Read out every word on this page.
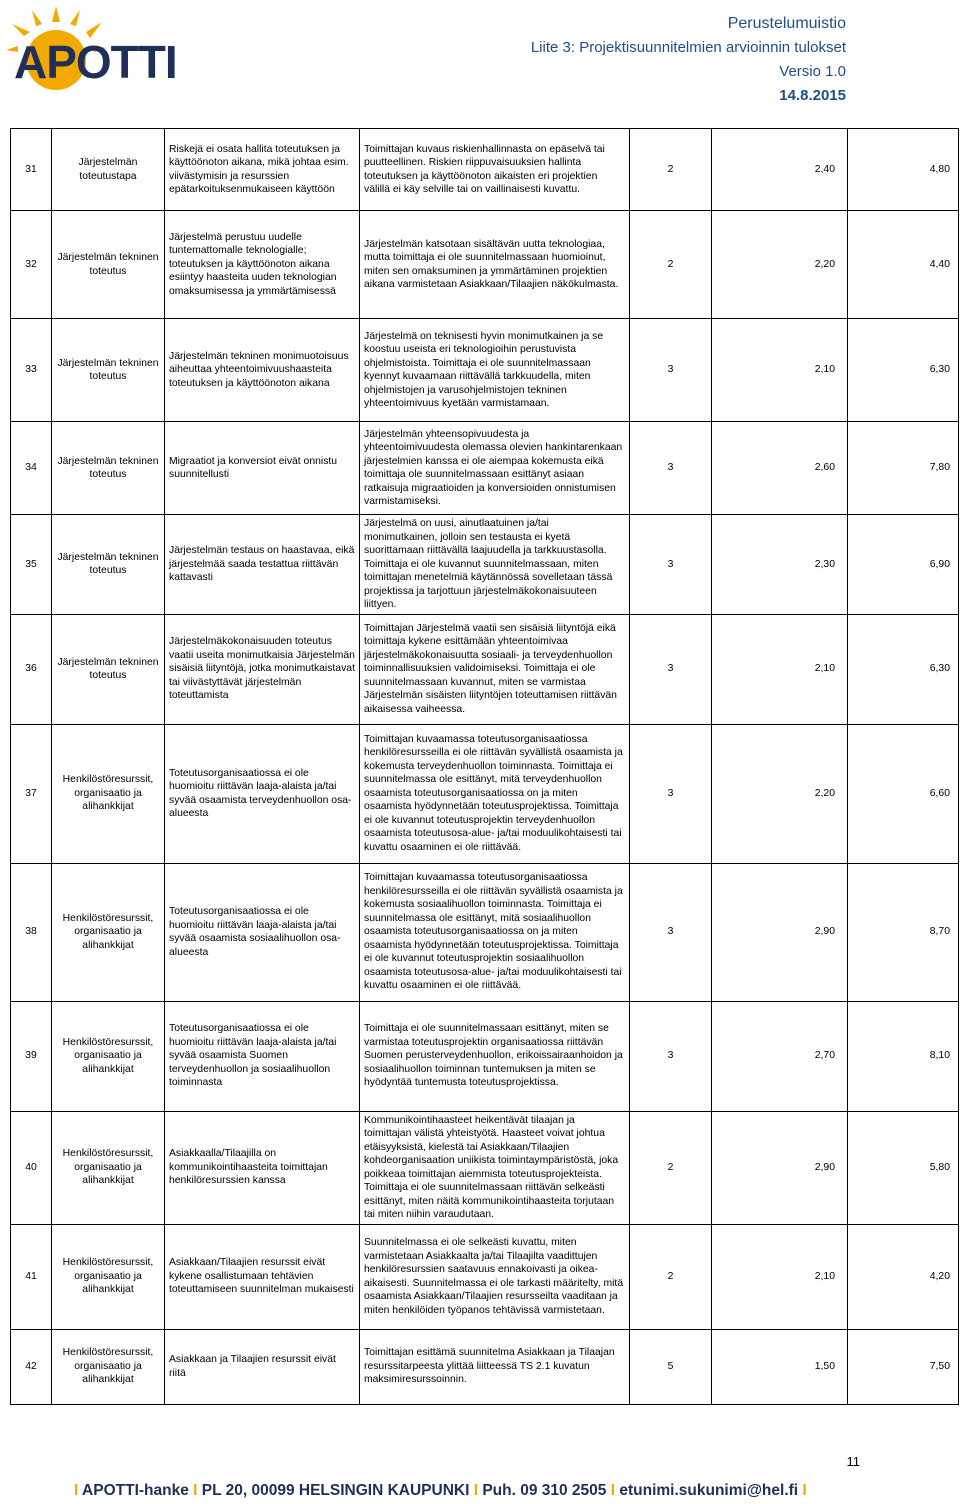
APOTTI
Perustelumuistio
Liite 3: Projektisuunnitelmien arvioinnin tulokset
Versio 1.0
14.8.2015
31	Järjestelmän toteutustapa	Riskejä ei osata hallita toteutuksen ja käyttöönoton aikana, mikä johtaa esim. viivästymisin ja resurssien epätarkoituksenmukaiseen käyttöön	Toimittajan kuvaus riskienhallinnasta on epäselvä tai puutteellinen. Riskien riippuvaisuuksien hallinta toteutuksen ja käyttöönoton aikaisten eri projektien välillä ei käy selville tai on vaillinaisesti kuvattu.	2	2,40	4,80
32	Järjestelmän tekninen toteutus	Järjestelmä perustuu uudelle tuntemattomalle teknologialle; toteutuksen ja käyttöönoton aikana esiintyy haasteita uuden teknologian omaksumisessa ja ymmärtämisessä	Järjestelmän katsotaan sisältävän uutta teknologiaa, mutta toimittaja ei ole suunnitelmassaan huomioinut, miten sen omaksuminen ja ymmärtäminen projektien aikana varmistetaan Asiakkaan/Tilaajien näkökulmasta.	2	2,20	4,40
33	Järjestelmän tekninen toteutus	Järjestelmän tekninen monimuotoisuus aiheuttaa yhteentoimivuushaasteita toteutuksen ja käyttöönoton aikana	Järjestelmä on teknisesti hyvin monimutkainen ja se koostuu useista eri teknologioihin perustuvista ohjelmistoista. Toimittaja ei ole suunnitelmassaan kyennyt kuvaamaan riittävällä tarkkuudella, miten ohjelmistojen ja varusohjelmistojen tekninen yhteentoimivuus kyetään varmistamaan.	3	2,10	6,30
34	Järjestelmän tekninen toteutus	Migraatiot ja konversiot eivät onnistu suunnitellusti	Järjestelmän yhteensopivuudesta ja yhteentoimivuudesta olemassa olevien hankintarenkaan järjestelmien kanssa ei ole aiempaa kokemusta eikä toimittaja ole suunnitelmassaan esittänyt asiaan ratkaisuja migraatioiden ja konversioiden onnistumisen varmistamiseksi.	3	2,60	7,80
35	Järjestelmän tekninen toteutus	Järjestelmän testaus on haastavaa, eikä järjestelmää saada testattua riittävän kattavasti	Järjestelmä on uusi, ainutlaatuinen ja/tai monimutkainen, jolloin sen testausta ei kyetä suorittamaan riittävällä laajuudella ja tarkkuustasolla. Toimittaja ei ole kuvannut suunnitelmassaan, miten toimittajan menetelmiä käytännössä sovelletaan tässä projektissa ja tarjottuun järjestelmäkokonaisuuteen liittyen.	3	2,30	6,90
36	Järjestelmän tekninen toteutus	Järjestelmäkokonaisuuden toteutus vaatii useita monimutkaisia Järjestelmän sisäisiä liityntöjä, jotka monimutkaistavat tai viivästyttävät järjestelmän toteuttamista	Toimittajan Järjestelmä vaatii sen sisäisiä liityntöjä eikä toimittaja kykene esittämään yhteentoimivaa järjestelmäkokonaisuutta sosiaali- ja terveydenhuollon toiminnallisuuksien validoimiseksi. Toimittaja ei ole suunnitelmassaan kuvannut, miten se varmistaa Järjestelmän sisäisten liityntöjen toteuttamisen riittävän aikaisessa vaiheessa.	3	2,10	6,30
37	Henkilöstöresurssit, organisaatio ja alihankkijat	Toteutusorganisaatiossa ei ole huomioitu riittävän laaja-alaista ja/tai syvää osaamista terveydenhuollon osa-alueesta	Toimittajan kuvaamassa toteutusorganisaatiossa henkilöresursseilla ei ole riittävän syvällistä osaamista ja kokemusta terveydenhuollon toiminnasta. Toimittaja ei suunnitelmassa ole esittänyt, mitä terveydenhuollon osaamista toteutusorganisaatiossa on ja miten osaamista hyödynnetään toteutusprojektissa. Toimittaja ei ole kuvannut toteutusprojektin terveydenhuollon osaamista toteutusosa-alue- ja/tai moduulikohtaisesti tai kuvattu osaaminen ei ole riittävää.	3	2,20	6,60
38	Henkilöstöresurssit, organisaatio ja alihankkijat	Toteutusorganisaatiossa ei ole huomioitu riittävän laaja-alaista ja/tai syvää osaamista sosiaalihuollon osa-alueesta	Toimittajan kuvaamassa toteutusorganisaatiossa henkilöresursseilla ei ole riittävän syvällistä osaamista ja kokemusta sosiaalihuollon toiminnasta. Toimittaja ei suunnitelmassa ole esittänyt, mitä sosiaalihuollon osaamista toteutusorganisaatiossa on ja miten osaamista hyödynnetään toteutusprojektissa. Toimittaja ei ole kuvannut toteutusprojektin sosiaalihuollon osaamista toteutusosa-alue- ja/tai moduulikohtaisesti tai kuvattu osaaminen ei ole riittävää.	3	2,90	8,70
39	Henkilöstöresurssit, organisaatio ja alihankkijat	Toteutusorganisaatiossa ei ole huomioitu riittävän laaja-alaista ja/tai syvää osaamista Suomen terveydenhuollon ja sosiaalihuollon toiminnasta	Toimittaja ei ole suunnitelmassaan esittänyt, miten se varmistaa toteutusprojektin organisaatiossa riittävän Suomen perusterveydenhuollon, erikoissairaanhoidon ja sosiaalihuollon toiminnan tuntemuksen ja miten se hyödyntää tuntemusta toteutusprojektissa.	3	2,70	8,10
40	Henkilöstöresurssit, organisaatio ja alihankkijat	Asiakkaalla/Tilaajilla on kommunikointihaasteita toimittajan henkilöresurssien kanssa	Kommunikointihaasteet heikentävät tilaajan ja toimittajan välistä yhteistyötä. Haasteet voivat johtua etäisyyksistä, kielestä tai Asiakkaan/Tilaajien kohdeorganisaation uniikista toimintaympäristöstä, joka poikkeaa toimittajan aiemmista toteutusprojekteista. Toimittaja ei ole suunnitelmassaan riittävän selkeästi esittänyt, miten näitä kommunikointihaasteita torjutaan tai miten niihin varaudutaan.	2	2,90	5,80
41	Henkilöstöresurssit, organisaatio ja alihankkijat	Asiakkaan/Tilaajien resurssit eivät kykene osallistumaan tehtävien toteuttamiseen suunnitelman mukaisesti	Suunnitelmassa ei ole selkeästi kuvattu, miten varmistetaan Asiakkaalta ja/tai Tilaajilta vaadittujen henkilöresurssien saatavuus ennakoivasti ja oikea-aikaisesti. Suunnitelmassa ei ole tarkasti määritelty, mitä osaamista Asiakkaan/Tilaajien resursseilta vaaditaan ja miten henkilöiden työpanos tehtävissä varmistetaan.	2	2,10	4,20
42	Henkilöstöresurssit, organisaatio ja alihankkijat	Asiakkaan ja Tilaajien resurssit eivät riitä	Toimittajan esittämä suunnitelma Asiakkaan ja Tilaajan resurssitarpeesta ylittää liitteessä TS 2.1 kuvatun maksimiresurssoinnin.	5	1,50	7,50
11
I APOTTI-hanke I PL 20, 00099 HELSINGIN KAUPUNKI I Puh. 09 310 2505 I etunimi.sukunimi@hel.fi I
